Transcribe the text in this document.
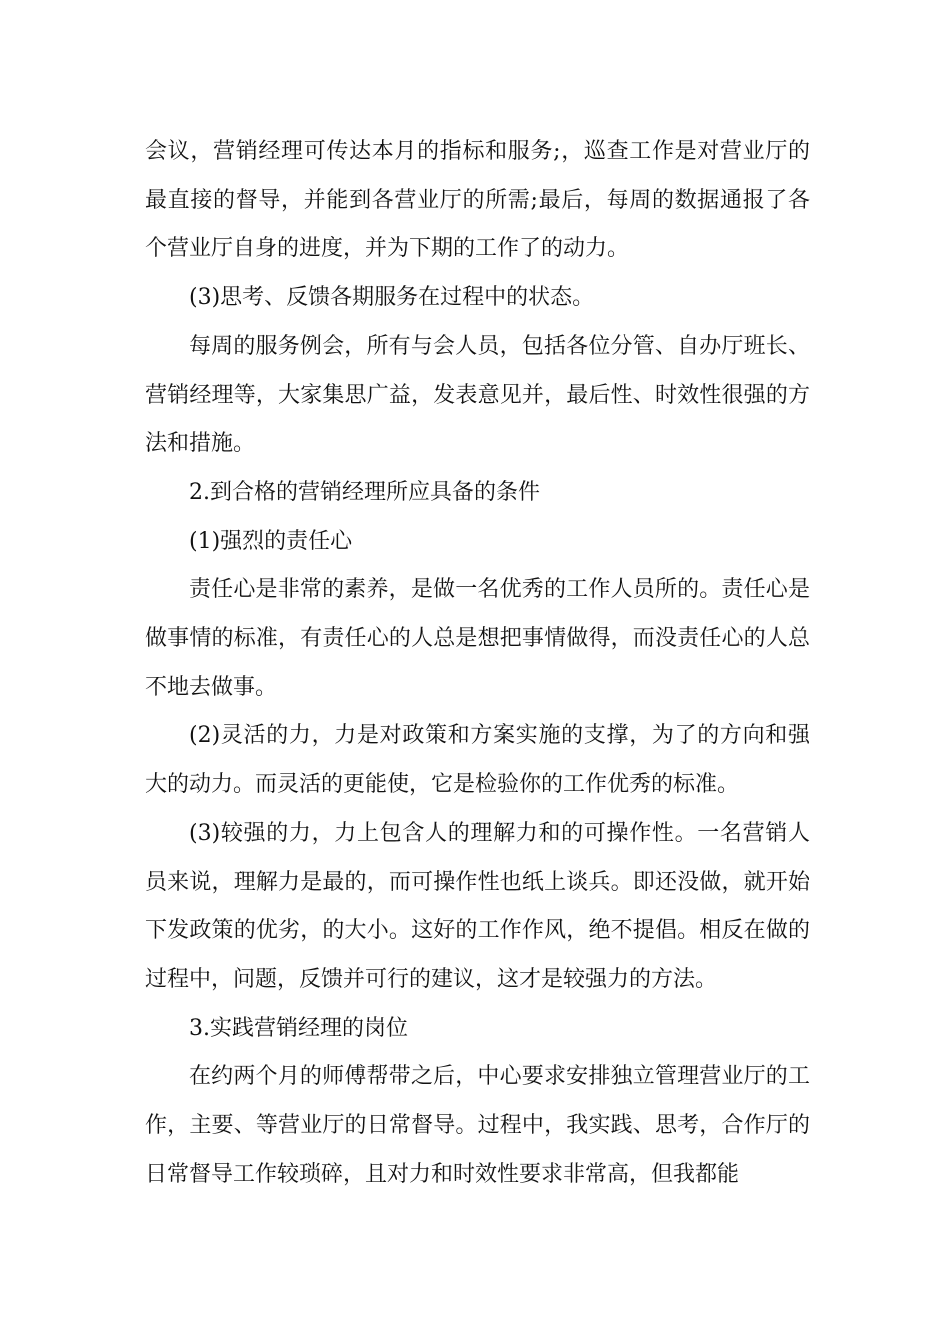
会议，营销经理可传达本月的指标和服务;，巡查工作是对营业厅的最直接的督导，并能到各营业厅的所需;最后，每周的数据通报了各个营业厅自身的进度，并为下期的工作了的动力。

(3)思考、反馈各期服务在过程中的状态。

每周的服务例会，所有与会人员，包括各位分管、自办厅班长、营销经理等，大家集思广益，发表意见并，最后性、时效性很强的方法和措施。

2.到合格的营销经理所应具备的条件

(1)强烈的责任心

责任心是非常的素养，是做一名优秀的工作人员所的。责任心是做事情的标准，有责任心的人总是想把事情做得，而没责任心的人总不地去做事。

(2)灵活的力，力是对政策和方案实施的支撑，为了的方向和强大的动力。而灵活的更能使，它是检验你的工作优秀的标准。

(3)较强的力，力上包含人的理解力和的可操作性。一名营销人员来说，理解力是最的，而可操作性也纸上谈兵。即还没做，就开始下发政策的优劣，的大小。这好的工作作风，绝不提倡。相反在做的过程中，问题，反馈并可行的建议，这才是较强力的方法。

3.实践营销经理的岗位

在约两个月的师傅帮带之后，中心要求安排独立管理营业厅的工作，主要、等营业厅的日常督导。过程中，我实践、思考，合作厅的日常督导工作较琐碎，且对力和时效性要求非常高，但我都能
